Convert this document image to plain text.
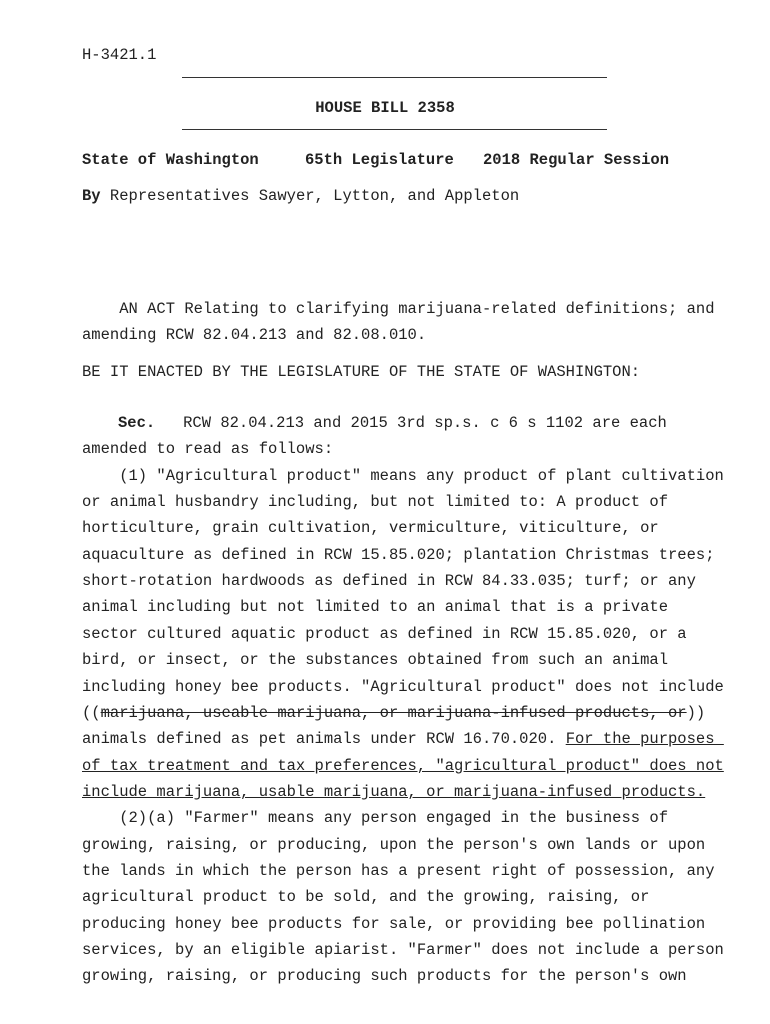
H-3421.1
HOUSE BILL 2358
State of Washington	65th Legislature 2018 Regular Session
By Representatives Sawyer, Lytton, and Appleton
AN ACT Relating to clarifying marijuana-related definitions; and
amending RCW 82.04.213 and 82.08.010.
BE IT ENACTED BY THE LEGISLATURE OF THE STATE OF WASHINGTON:
Sec.   RCW 82.04.213 and 2015 3rd sp.s. c 6 s 1102 are each
amended to read as follows:
(1) "Agricultural product" means any product of plant cultivation
or animal husbandry including, but not limited to: A product of
horticulture, grain cultivation, vermiculture, viticulture, or
aquaculture as defined in RCW 15.85.020; plantation Christmas trees;
short-rotation hardwoods as defined in RCW 84.33.035; turf; or any
animal including but not limited to an animal that is a private
sector cultured aquatic product as defined in RCW 15.85.020, or a
bird, or insect, or the substances obtained from such an animal
including honey bee products. "Agricultural product" does not include
((marijuana, useable marijuana, or marijuana-infused products, or))
animals defined as pet animals under RCW 16.70.020. For the purposes
of tax treatment and tax preferences, "agricultural product" does not
include marijuana, usable marijuana, or marijuana-infused products.
(2)(a) "Farmer" means any person engaged in the business of
growing, raising, or producing, upon the person's own lands or upon
the lands in which the person has a present right of possession, any
agricultural product to be sold, and the growing, raising, or
producing honey bee products for sale, or providing bee pollination
services, by an eligible apiarist. "Farmer" does not include a person
growing, raising, or producing such products for the person's own
